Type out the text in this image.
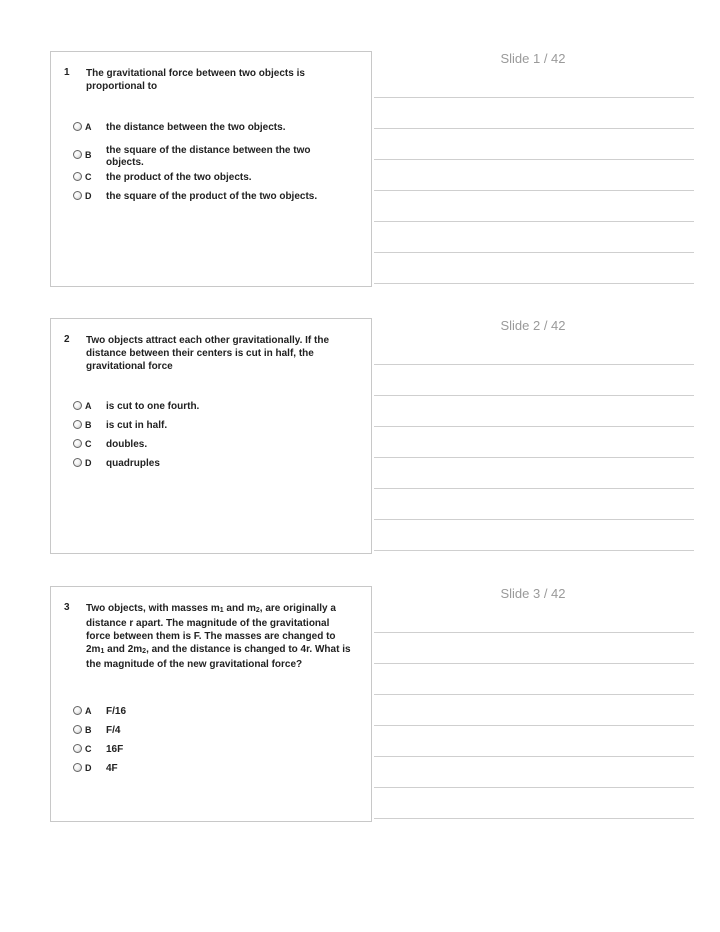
Slide 1 / 42
1 The gravitational force between two objects is proportional to
A the distance between the two objects.
B the square of the distance between the two objects.
C the product of the two objects.
D the square of the product of the two objects.
Slide 2 / 42
2 Two objects attract each other gravitationally. If the distance between their centers is cut in half, the gravitational force
A is cut to one fourth.
B is cut in half.
C doubles.
D quadruples
Slide 3 / 42
3 Two objects, with masses $m_1$ and $m_2$, are originally a distance r apart. The magnitude of the gravitational force between them is F. The masses are changed to $2m_1$ and $2m_2$, and the distance is changed to 4r. What is the magnitude of the new gravitational force?
A F/16
B F/4
C 16F
D 4F
